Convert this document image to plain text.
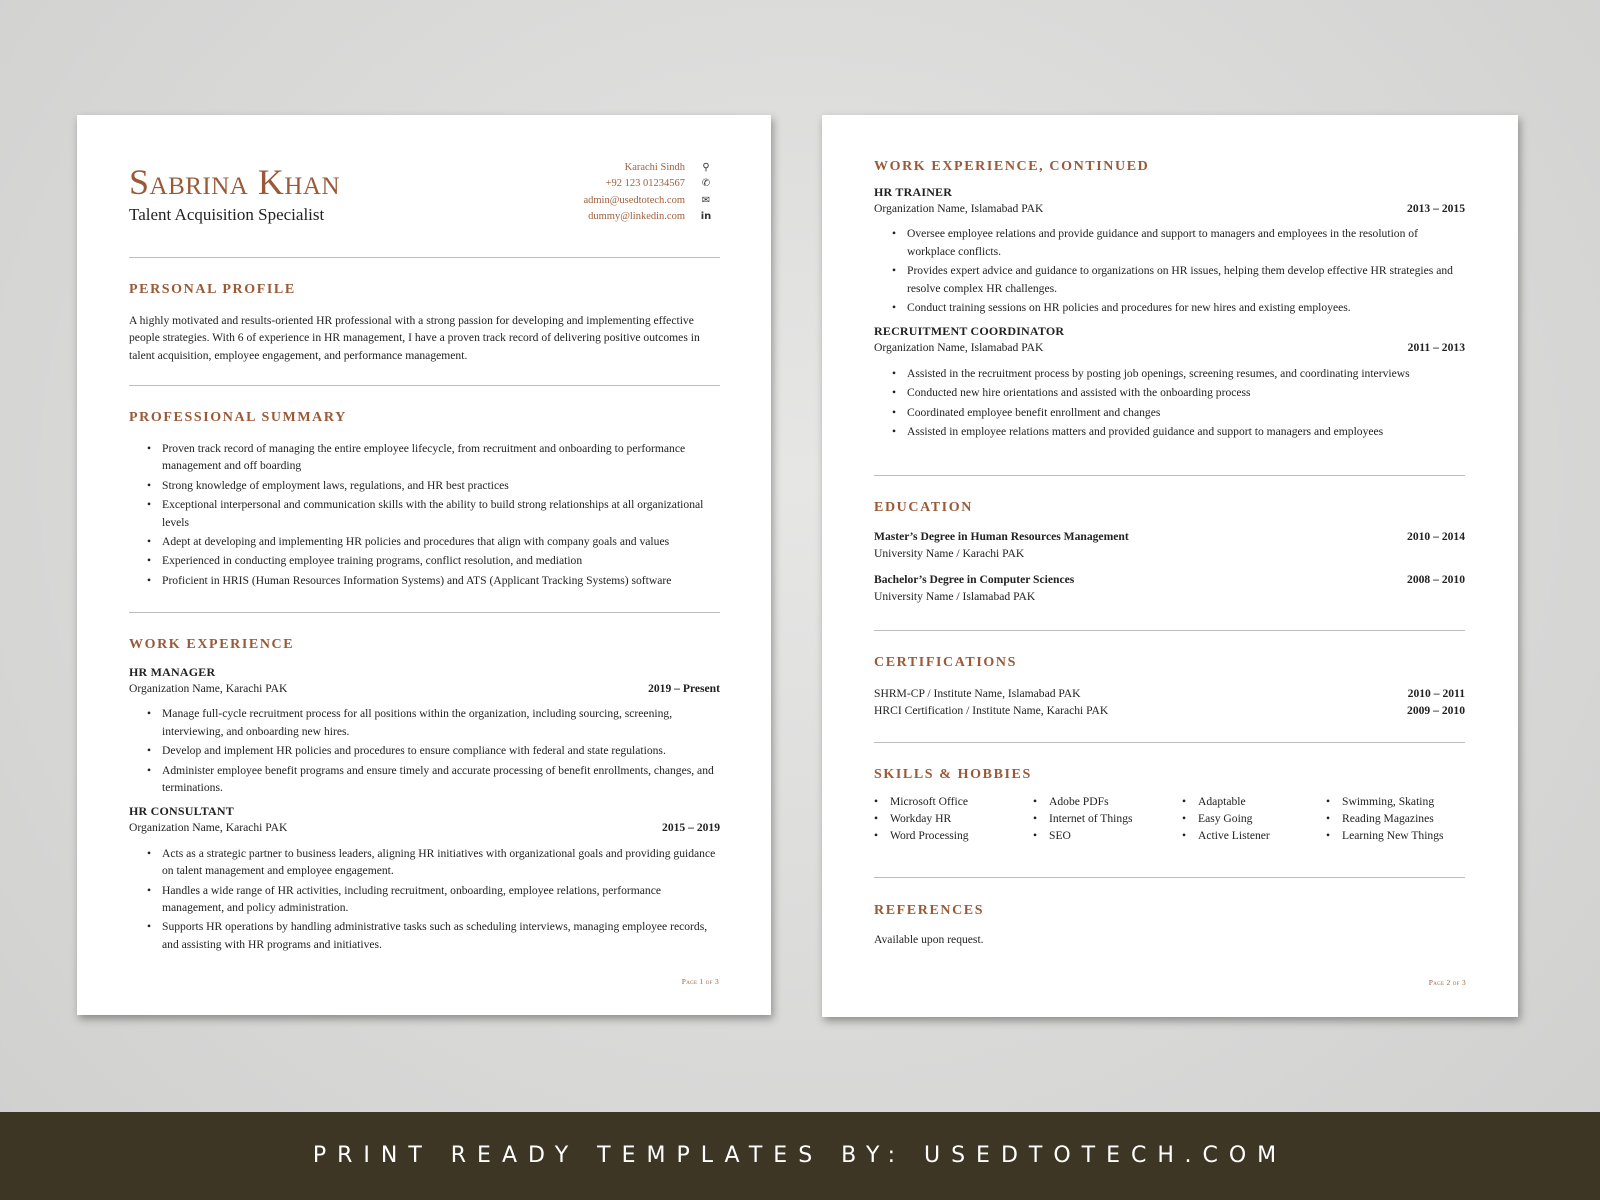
Sabrina Khan
Talent Acquisition Specialist
Karachi Sindh	⚲
+92 123 01234567 ✆
admin@usedtotech.com ✉
dummy@linkedin.com in
PERSONAL PROFILE

A highly motivated and results-oriented HR professional with a strong passion for developing and implementing effective people strategies. With 6 of experience in HR management, I have a proven track record of delivering positive outcomes in talent acquisition, employee engagement, and performance management.

PROFESSIONAL SUMMARY
• Proven track record of managing the entire employee lifecycle, from recruitment and onboarding to performance management and off boarding
• Strong knowledge of employment laws, regulations, and HR best practices
• Exceptional interpersonal and communication skills with the ability to build strong relationships at all organizational levels
• Adept at developing and implementing HR policies and procedures that align with company goals and values
• Experienced in conducting employee training programs, conflict resolution, and mediation
• Proficient in HRIS (Human Resources Information Systems) and ATS (Applicant Tracking Systems) software
WORK EXPERIENCE
HR MANAGER
Organization Name, Karachi PAK	2019 – Present
• Manage full-cycle recruitment process for all positions within the organization, including sourcing, screening, interviewing, and onboarding new hires.
• Develop and implement HR policies and procedures to ensure compliance with federal and state regulations.
• Administer employee benefit programs and ensure timely and accurate processing of benefit enrollments, changes, and terminations.
HR CONSULTANT
Organization Name, Karachi PAK	2015 – 2019
• Acts as a strategic partner to business leaders, aligning HR initiatives with organizational goals and providing guidance on talent management and employee engagement.
• Handles a wide range of HR activities, including recruitment, onboarding, employee relations, performance management, and policy administration.
• Supports HR operations by handling administrative tasks such as scheduling interviews, managing employee records, and assisting with HR programs and initiatives.
Page 1 of 3
WORK EXPERIENCE, CONTINUED
HR TRAINER
Organization Name, Islamabad PAK	2013 – 2015
• Oversee employee relations and provide guidance and support to managers and employees in the resolution of workplace conflicts.
• Provides expert advice and guidance to organizations on HR issues, helping them develop effective HR strategies and resolve complex HR challenges.
• Conduct training sessions on HR policies and procedures for new hires and existing employees.
RECRUITMENT COORDINATOR
Organization Name, Islamabad PAK	2011 – 2013
• Assisted in the recruitment process by posting job openings, screening resumes, and coordinating interviews
• Conducted new hire orientations and assisted with the onboarding process
• Coordinated employee benefit enrollment and changes
• Assisted in employee relations matters and provided guidance and support to managers and employees
EDUCATION
Master’s Degree in Human Resources Management	2010 – 2014
University Name / Karachi PAK
Bachelor’s Degree in Computer Sciences	2008 – 2010
University Name / Islamabad PAK
CERTIFICATIONS
SHRM-CP / Institute Name, Islamabad PAK	2010 – 2011
HRCI Certification / Institute Name, Karachi PAK	2009 – 2010
SKILLS & HOBBIES
• Microsoft Office
• Workday HR
• Word Processing
• Adobe PDFs
• Internet of Things
• SEO
• Adaptable
• Easy Going
• Active Listener
• Swimming, Skating
• Reading Magazines
• Learning New Things
REFERENCES

Available upon request.

Page 2 of 3
PRINT READY TEMPLATES BY: USEDTOTECH.COM
